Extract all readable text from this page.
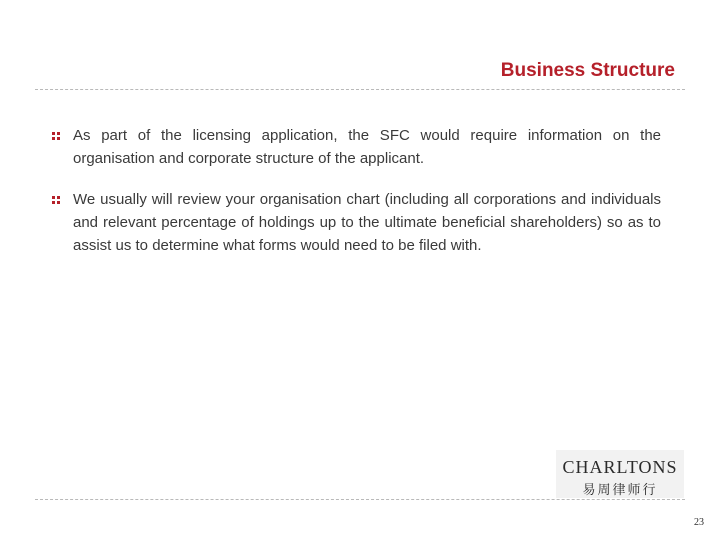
Business Structure
As part of the licensing application, the SFC would require information on the organisation and corporate structure of the applicant.
We usually will review your organisation chart (including all corporations and individuals and relevant percentage of holdings up to the ultimate beneficial shareholders) so as to assist us to determine what forms would need to be filed with.
CHARLTONS
易周律师行
23
